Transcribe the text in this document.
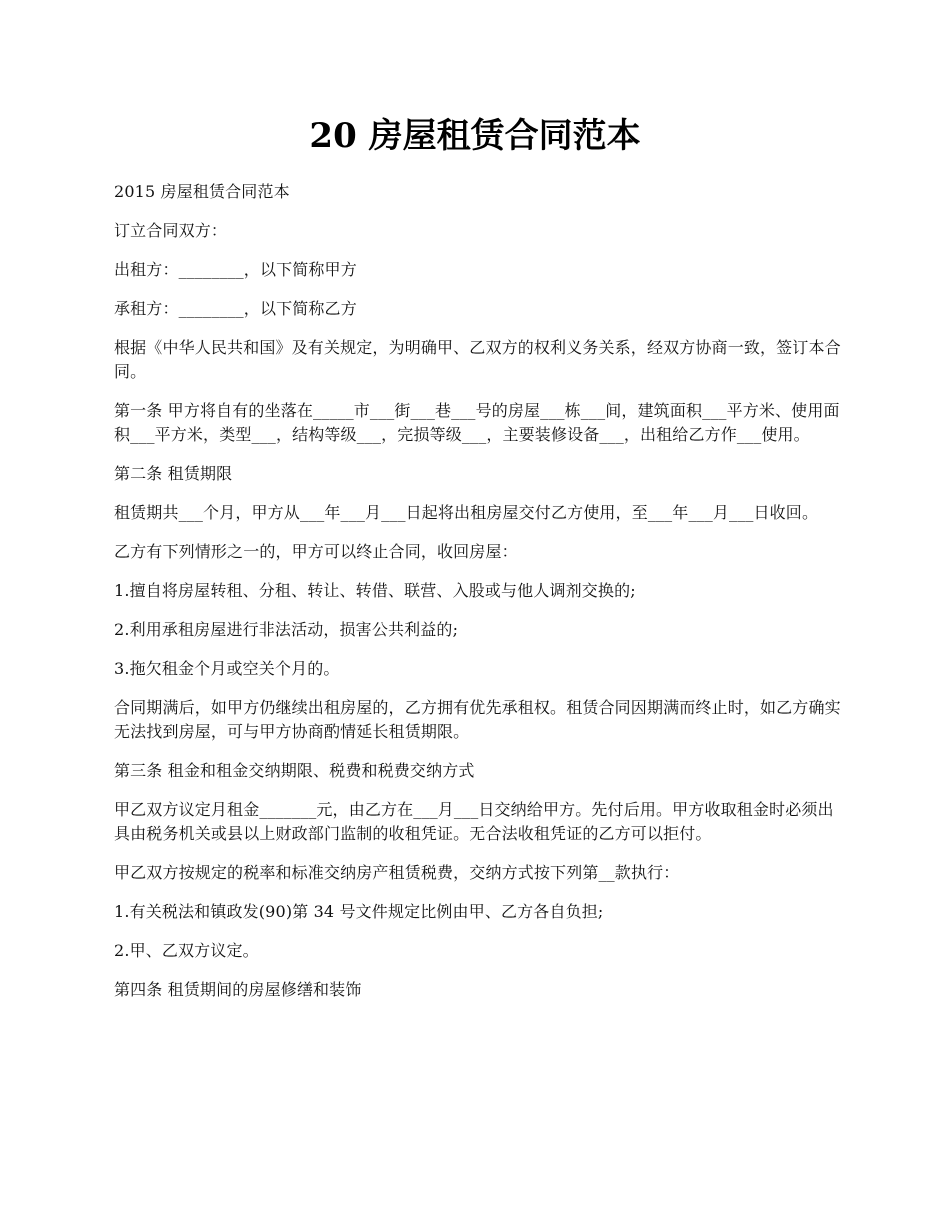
20 房屋租赁合同范本

2015 房屋租赁合同范本

订立合同双方：

出租方：________，以下简称甲方

承租方：________，以下简称乙方

根据《中华人民共和国》及有关规定，为明确甲、乙双方的权利义务关系，经双方协商一致，签订本合同。

第一条 甲方将自有的坐落在_____市___街___巷___号的房屋___栋___间，建筑面积___平方米、使用面积___平方米，类型___，结构等级___，完损等级___，主要装修设备___，出租给乙方作___使用。

第二条 租赁期限

租赁期共___个月，甲方从___年___月___日起将出租房屋交付乙方使用，至___年___月___日收回。

乙方有下列情形之一的，甲方可以终止合同，收回房屋：

1.擅自将房屋转租、分租、转让、转借、联营、入股或与他人调剂交换的;

2.利用承租房屋进行非法活动，损害公共利益的;

3.拖欠租金个月或空关个月的。

合同期满后，如甲方仍继续出租房屋的，乙方拥有优先承租权。租赁合同因期满而终止时，如乙方确实无法找到房屋，可与甲方协商酌情延长租赁期限。

第三条 租金和租金交纳期限、税费和税费交纳方式

甲乙双方议定月租金_______元，由乙方在___月___日交纳给甲方。先付后用。甲方收取租金时必须出具由税务机关或县以上财政部门监制的收租凭证。无合法收租凭证的乙方可以拒付。

甲乙双方按规定的税率和标准交纳房产租赁税费，交纳方式按下列第__款执行：

1.有关税法和镇政发(90)第 34 号文件规定比例由甲、乙方各自负担;

2.甲、乙双方议定。

第四条 租赁期间的房屋修缮和装饰
